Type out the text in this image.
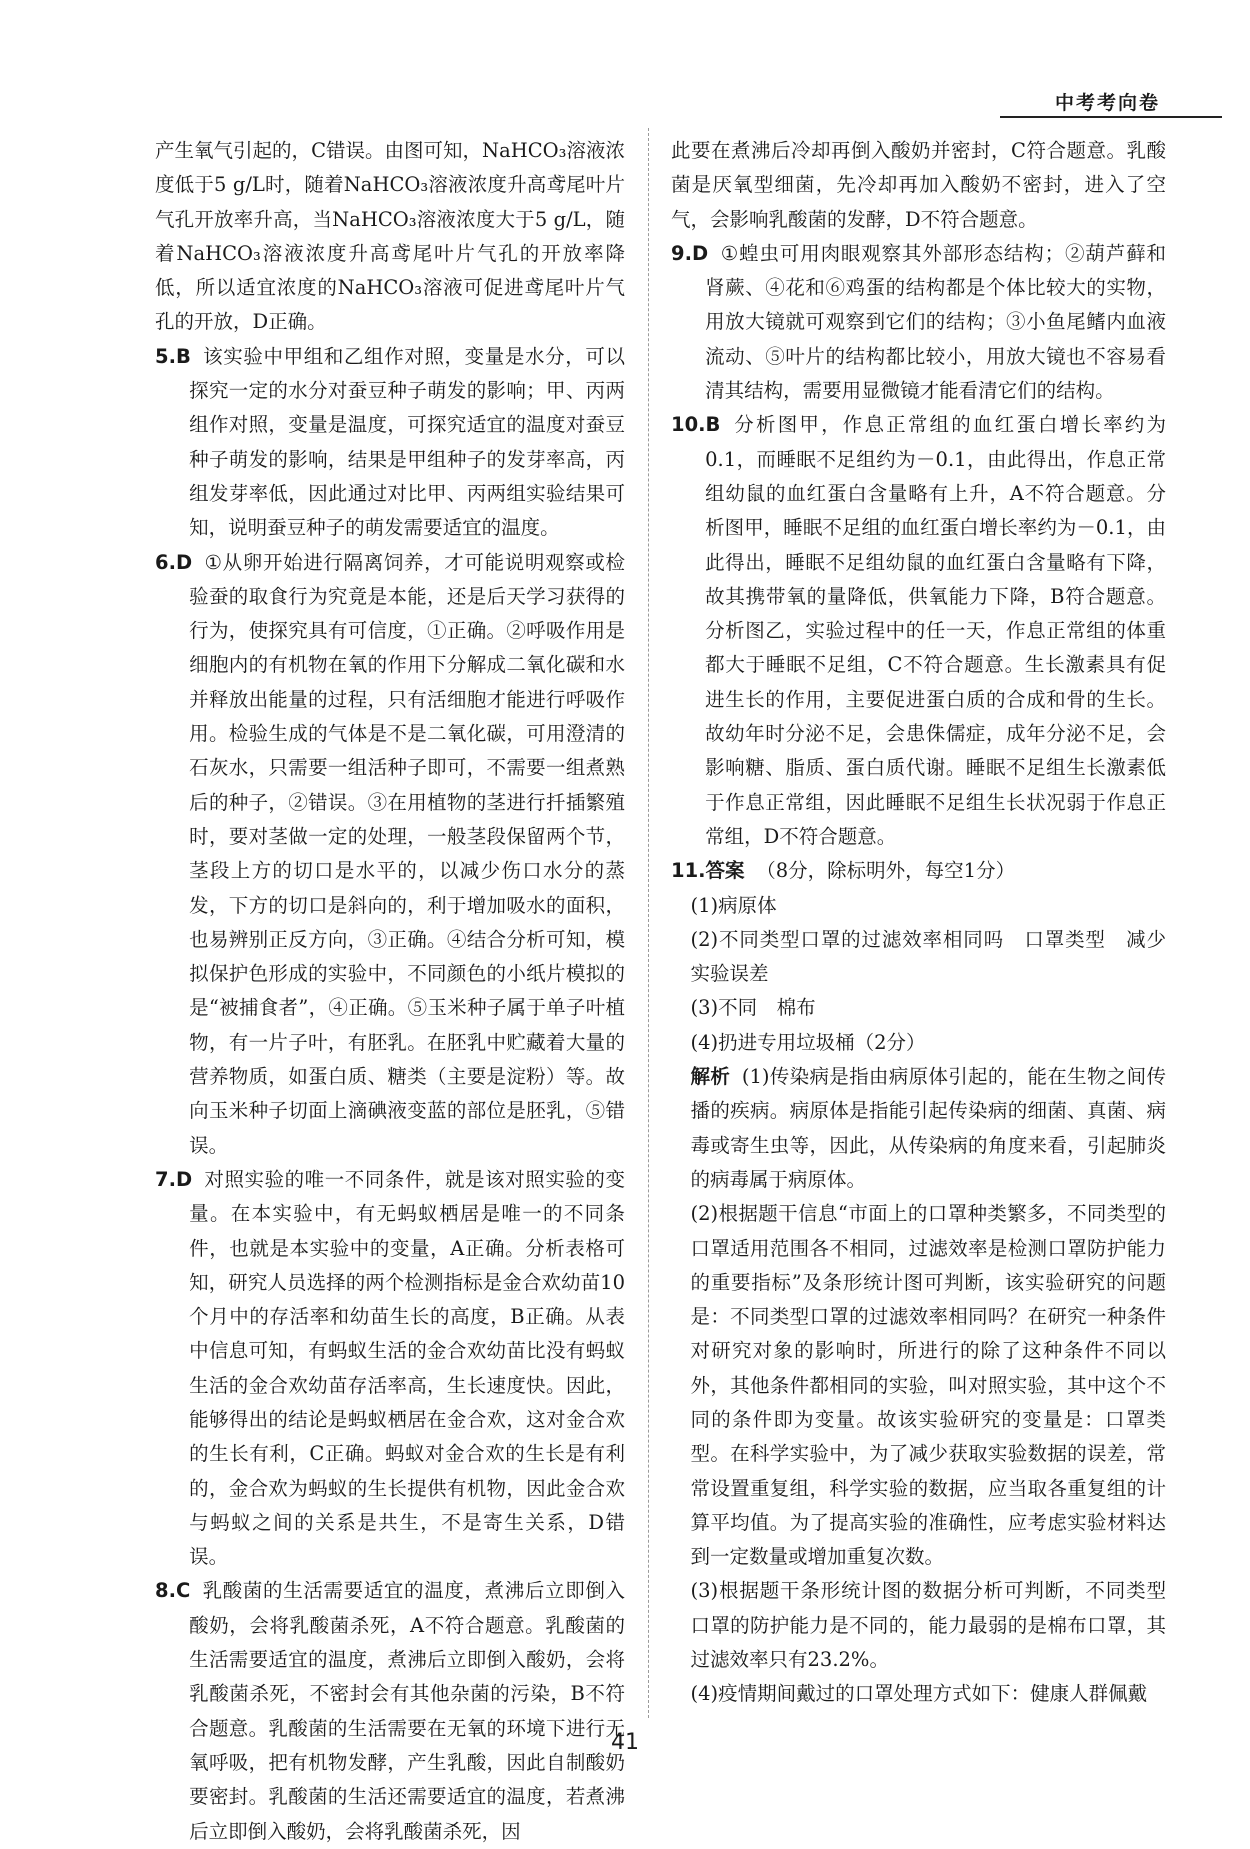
中考考向卷

产生氧气引起的，C错误。由图可知，NaHCO₃溶液浓度低于5 g/L时，随着NaHCO₃溶液浓度升高鸢尾叶片气孔开放率升高，当NaHCO₃溶液浓度大于5 g/L，随着NaHCO₃溶液浓度升高鸢尾叶片气孔的开放率降低，所以适宜浓度的NaHCO₃溶液可促进鸢尾叶片气孔的开放，D正确。

5.B 该实验中甲组和乙组作对照，变量是水分，可以探究一定的水分对蚕豆种子萌发的影响；甲、丙两组作对照，变量是温度，可探究适宜的温度对蚕豆种子萌发的影响，结果是甲组种子的发芽率高，丙组发芽率低，因此通过对比甲、丙两组实验结果可知，说明蚕豆种子的萌发需要适宜的温度。

6.D ①从卵开始进行隔离饲养，才可能说明观察或检验蚕的取食行为究竟是本能，还是后天学习获得的行为，使探究具有可信度，①正确。②呼吸作用是细胞内的有机物在氧的作用下分解成二氧化碳和水并释放出能量的过程，只有活细胞才能进行呼吸作用。检验生成的气体是不是二氧化碳，可用澄清的石灰水，只需要一组活种子即可，不需要一组煮熟后的种子，②错误。③在用植物的茎进行扦插繁殖时，要对茎做一定的处理，一般茎段保留两个节，茎段上方的切口是水平的，以减少伤口水分的蒸发，下方的切口是斜向的，利于增加吸水的面积，也易辨别正反方向，③正确。④结合分析可知，模拟保护色形成的实验中，不同颜色的小纸片模拟的是“被捕食者”，④正确。⑤玉米种子属于单子叶植物，有一片子叶，有胚乳。在胚乳中贮藏着大量的营养物质，如蛋白质、糖类（主要是淀粉）等。故向玉米种子切面上滴碘液变蓝的部位是胚乳，⑤错误。

7.D 对照实验的唯一不同条件，就是该对照实验的变量。在本实验中，有无蚂蚁栖居是唯一的不同条件，也就是本实验中的变量，A正确。分析表格可知，研究人员选择的两个检测指标是金合欢幼苗10个月中的存活率和幼苗生长的高度，B正确。从表中信息可知，有蚂蚁生活的金合欢幼苗比没有蚂蚁生活的金合欢幼苗存活率高，生长速度快。因此，能够得出的结论是蚂蚁栖居在金合欢，这对金合欢的生长有利，C正确。蚂蚁对金合欢的生长是有利的，金合欢为蚂蚁的生长提供有机物，因此金合欢与蚂蚁之间的关系是共生，不是寄生关系，D错误。

8.C 乳酸菌的生活需要适宜的温度，煮沸后立即倒入酸奶，会将乳酸菌杀死，A不符合题意。乳酸菌的生活需要适宜的温度，煮沸后立即倒入酸奶，会将乳酸菌杀死，不密封会有其他杂菌的污染，B不符合题意。乳酸菌的生活需要在无氧的环境下进行无氧呼吸，把有机物发酵，产生乳酸，因此自制酸奶要密封。乳酸菌的生活还需要适宜的温度，若煮沸后立即倒入酸奶，会将乳酸菌杀死，因

此要在煮沸后冷却再倒入酸奶并密封，C符合题意。乳酸菌是厌氧型细菌，先冷却再加入酸奶不密封，进入了空气，会影响乳酸菌的发酵，D不符合题意。

9.D ①蝗虫可用肉眼观察其外部形态结构；②葫芦藓和肾蕨、④花和⑥鸡蛋的结构都是个体比较大的实物，用放大镜就可观察到它们的结构；③小鱼尾鳍内血液流动、⑤叶片的结构都比较小，用放大镜也不容易看清其结构，需要用显微镜才能看清它们的结构。

10.B 分析图甲，作息正常组的血红蛋白增长率约为0.1，而睡眠不足组约为－0.1，由此得出，作息正常组幼鼠的血红蛋白含量略有上升，A不符合题意。分析图甲，睡眠不足组的血红蛋白增长率约为－0.1，由此得出，睡眠不足组幼鼠的血红蛋白含量略有下降，故其携带氧的量降低，供氧能力下降，B符合题意。分析图乙，实验过程中的任一天，作息正常组的体重都大于睡眠不足组，C不符合题意。生长激素具有促进生长的作用，主要促进蛋白质的合成和骨的生长。故幼年时分泌不足，会患侏儒症，成年分泌不足，会影响糖、脂质、蛋白质代谢。睡眠不足组生长激素低于作息正常组，因此睡眠不足组生长状况弱于作息正常组，D不符合题意。

11.答案 （8分，除标明外，每空1分）

(1)病原体

(2)不同类型口罩的过滤效率相同吗　口罩类型　减少实验误差

(3)不同　棉布

(4)扔进专用垃圾桶（2分）

解析 (1)传染病是指由病原体引起的，能在生物之间传播的疾病。病原体是指能引起传染病的细菌、真菌、病毒或寄生虫等，因此，从传染病的角度来看，引起肺炎的病毒属于病原体。

(2)根据题干信息“市面上的口罩种类繁多，不同类型的口罩适用范围各不相同，过滤效率是检测口罩防护能力的重要指标”及条形统计图可判断，该实验研究的问题是：不同类型口罩的过滤效率相同吗？在研究一种条件对研究对象的影响时，所进行的除了这种条件不同以外，其他条件都相同的实验，叫对照实验，其中这个不同的条件即为变量。故该实验研究的变量是：口罩类型。在科学实验中，为了减少获取实验数据的误差，常常设置重复组，科学实验的数据，应当取各重复组的计算平均值。为了提高实验的准确性，应考虑实验材料达到一定数量或增加重复次数。

(3)根据题干条形统计图的数据分析可判断，不同类型口罩的防护能力是不同的，能力最弱的是棉布口罩，其过滤效率只有23.2%。

(4)疫情期间戴过的口罩处理方式如下：健康人群佩戴

41
